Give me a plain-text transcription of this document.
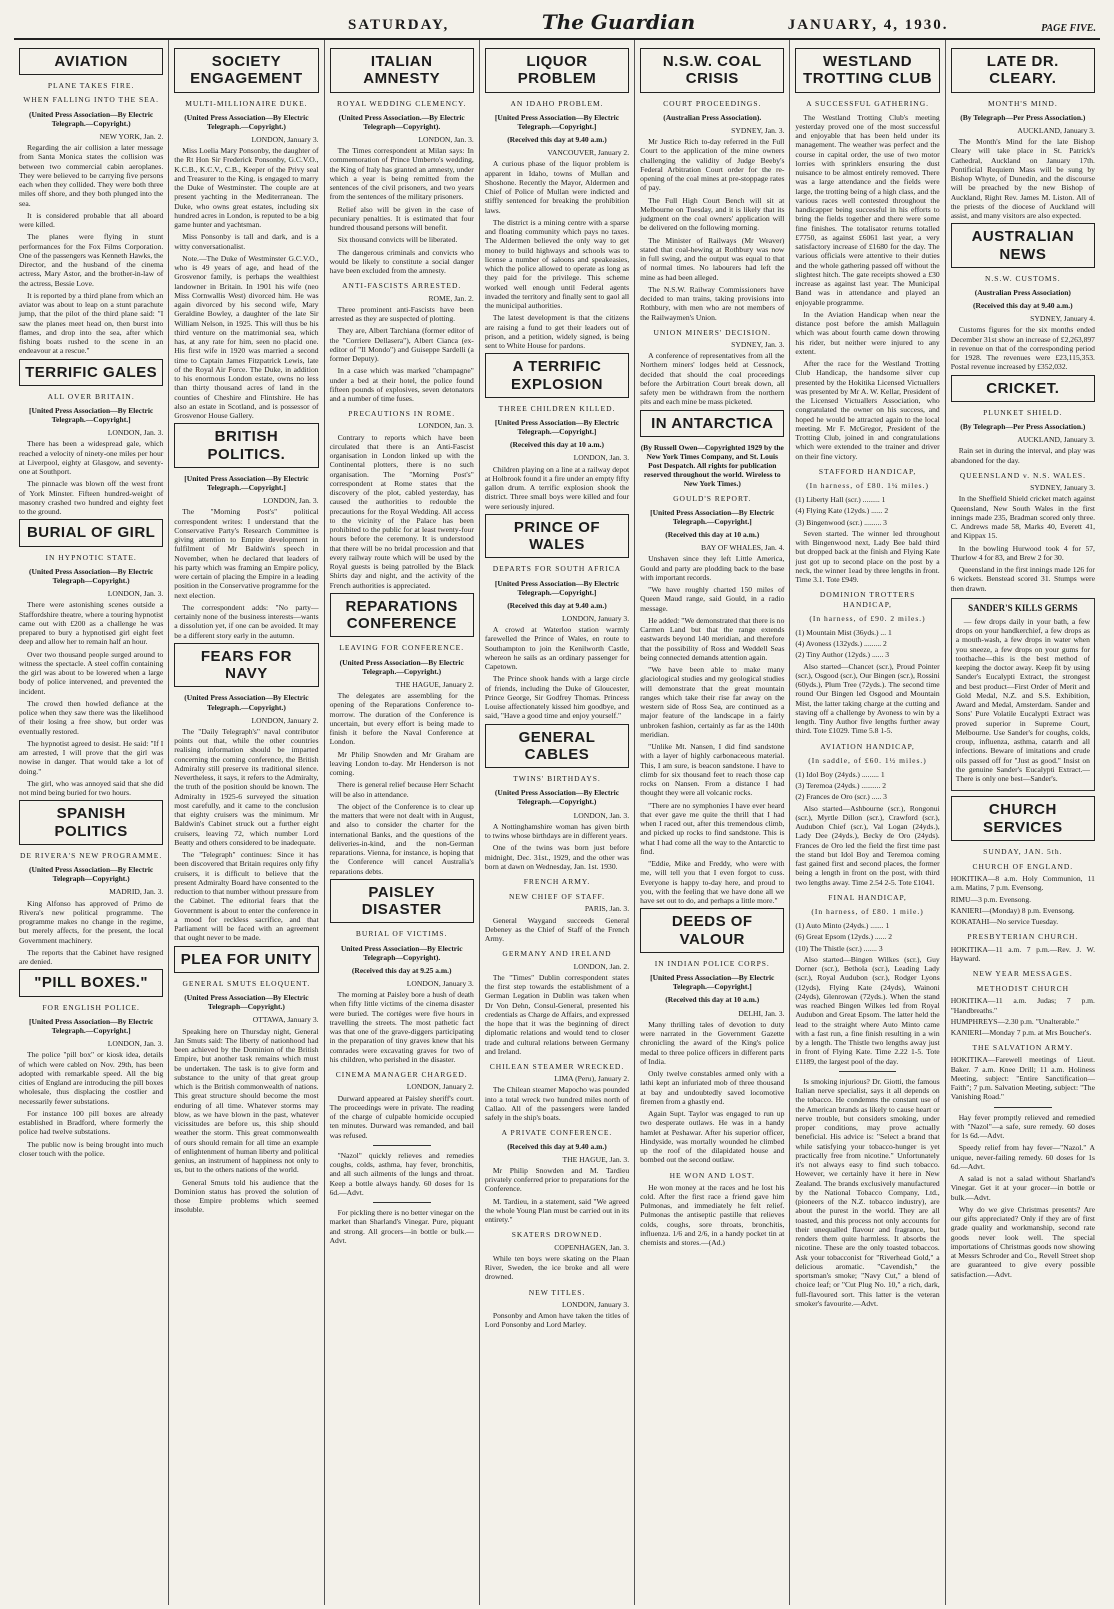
SATURDAY,	The Guardian	JANUARY, 4, 1930.	PAGE FIVE.
AVIATION
PLANE TAKES FIRE.
WHEN FALLING INTO THE SEA.
(United Press Association—By Electric Telegraph.—Copyright.)
NEW YORK, Jan. 2.

Regarding the air collision a later message from Santa Monica states the collision was between two commercial cabin aeroplanes. They were believed to be carrying five persons each when they collided. They were both three miles off shore, and they both plunged into the sea.

It is considered probable that all aboard were killed.

The planes were flying in stunt performances for the Fox Films Corporation. One of the passengers was Kenneth Hawks, the Director, and the husband of the cinema actress, Mary Astor, and the brother-in-law of the actress, Bessie Love.

It is reported by a third plane from which an aviator was about to leap on a stunt parachute jump, that the pilot of the third plane said: "I saw the planes meet head on, then burst into flames, and drop into the sea, after which fishing boats rushed to the scene in an endeavour at a rescue."

TERRIFIC GALES
ALL OVER BRITAIN.
[United Press Association—By Electric Telegraph.—Copyright.]
LONDON, Jan. 3.

There has been a widespread gale, which reached a velocity of ninety-one miles per hour at Liverpool, eighty at Glasgow, and seventy-one at Southport.

The pinnacle was blown off the west front of York Minster. Fifteen hundred-weight of masonry crashed two hundred and eighty feet to the ground.

BURIAL OF GIRL
IN HYPNOTIC STATE.
(United Press Association—By Electric Telegraph—Copyright.)
LONDON, Jan. 3.

There were astonishing scenes outside a Staffordshire theatre, where a touring hypnotist came out with £200 as a challenge he was prepared to bury a hypnotised girl eight feet deep and allow her to remain half an hour.

Over two thousand people surged around to witness the spectacle. A steel coffin containing the girl was about to be lowered when a large body of police intervened, and prevented the incident.

The crowd then howled defiance at the police when they saw there was the likelihood of their losing a free show, but order was eventually restored.

The hypnotist agreed to desist. He said: "If I am arrested, I will prove that the girl was nowise in danger. That would take a lot of doing."

The girl, who was annoyed said that she did not mind being buried for two hours.

SPANISH POLITICS
DE RIVERA'S NEW PROGRAMME.
(United Press Association—By Electric Telegraph—Copyright.)
MADRID, Jan. 3.

King Alfonso has approved of Primo de Rivera's new political programme. The programme makes no change in the regime, but merely affects, for the present, the local Government machinery.

The reports that the Cabinet have resigned are denied.

"PILL BOXES."
FOR ENGLISH POLICE.
[United Press Association—By Electric Telegraph.—Copyright.]
LONDON, Jan. 3.

The police "pill box" or kiosk idea, details of which were cabled on Nov. 29th, has been adopted with remarkable speed. All the big cities of England are introducing the pill boxes wholesale, thus displacing the costlier and necessarily fewer substations.

For instance 100 pill boxes are already established in Bradford, where formerly the police had twelve substations.

The public now is being brought into much closer touch with the police.

SOCIETY ENGAGEMENT
MULTI-MILLIONAIRE DUKE.
(United Press Association—By Electric Telegraph.—Copyright.)
LONDON, January 3.

Miss Loelia Mary Ponsonby, the daughter of the Rt Hon Sir Frederick Ponsonby, G.C.V.O., K.C.B., K.C.V., C.B., Keeper of the Privy seal and Treasurer to the King, is engaged to marry the Duke of Westminster. The couple are at present yachting in the Mediterranean. The Duke, who owns great estates, including six hundred acres in London, is reputed to be a big game hunter and yachtsman.

Miss Ponsonby is tall and dark, and is a witty conversationalist.

Note.—The Duke of Westminster G.C.V.O., who is 49 years of age, and head of the Grosvenor family, is perhaps the wealthiest landowner in Britain. In 1901 his wife (neo Miss Cornwallis West) divorced him. He was again divorced by his second wife, Mary Geraldine Bowley, a daughter of the late Sir William Nelson, in 1925. This will thus be his third venture on the matrimonial sea, which has, at any rate for him, seen no placid one. His first wife in 1920 was married a second time to Captain James Fitzpatrick Lewis, late of the Royal Air Force. The Duke, in addition to his enormous London estate, owns no less than thirty thousand acres of land in the counties of Cheshire and Flintshire. He has also an estate in Scotland, and is possessor of Grosvenor House Gallery.

BRITISH POLITICS.
[United Press Association—By Electric Telegraph.—Copyright.]
LONDON, Jan. 3.

The "Morning Post's" political correspondent writes: I understand that the Conservative Party's Research Committee is giving attention to Empire development in fulfilment of Mr Baldwin's speech in November, when he declared that leaders of his party which was framing an Empire policy, were certain of placing the Empire in a leading position in the Conservative programme for the next election.

The correspondent adds: "No party—certainly none of the business interests—wants a dissolution yet, if one can be avoided. It may be a different story early in the autumn.

FEARS FOR NAVY
(United Press Association—By Electric Telegraph.—Copyright.)
LONDON, January 2.

The "Daily Telegraph's" naval contributor points out that, while the other countries realising information should be imparted concerning the coming conference, the British Admiralty still preserve its traditional silence. Nevertheless, it says, it refers to the Admiralty, the truth of the position should be known. The Admiralty in 1925-6 surveyed the situation most carefully, and it came to the conclusion that eighty cruisers was the minimum. Mr Baldwin's Cabinet struck out a further eight cruisers, leaving 72, which number Lord Beatty and others considered to be inadequate.

The "Telegraph" continues: Since it has been discovered that Britain requires only fifty cruisers, it is difficult to believe that the present Admiralty Board have consented to the reduction to that number without pressure from the Cabinet. The editorial fears that the Government is about to enter the conference in a mood for reckless sacrifice, and that Parliament will be faced with an agreement that ought never to be made.

PLEA FOR UNITY
GENERAL SMUTS ELOQUENT.
(United Press Association—By Electric Telegraph—Copyright.)
OTTAWA, January 3.

Speaking here on Thursday night, General Jan Smuts said: The liberty of nationhood had been achieved by the Dominion of the British Empire, but another task remains which must be undertaken. The task is to give form and substance to the unity of that great group which is the British commonwealth of nations. This great structure should become the most enduring of all time. Whatever storms may blow, as we have blown in the past, whatever vicissitudes are before us, this ship should weather the storm. This great commonwealth of ours should remain for all time an example of enlightenment of human liberty and political genius, an instrument of happiness not only to us, but to the others nations of the world.

General Smuts told his audience that the Dominion status has proved the solution of those Empire problems which seemed insoluble.

ITALIAN AMNESTY
ROYAL WEDDING CLEMENCY.
(United Press Association.—By Electric Telegraph—Copyright).
LONDON, Jan. 3.

The Times correspondent at Milan says: In commemoration of Prince Umberto's wedding, the King of Italy has granted an amnesty, under which a year is being remitted from the sentences of the civil prisoners, and two years from the sentences of the military prisoners.

Relief also will be given in the case of pecuniary penalties. It is estimated that four hundred thousand persons will benefit.

Six thousand convicts will be liberated.

The dangerous criminals and convicts who would be likely to constitute a social danger have been excluded from the amnesty.

ANTI-FASCISTS ARRESTED.
ROME, Jan. 2.

Three prominent anti-Fascists have been arrested as they are suspected of plotting.

They are, Albert Tarchiana (former editor of the "Corriere Dellasera"), Albert Cianca (ex-editor of "Il Mondo") and Guiseppe Sardelli (a former Deputy).

In a case which was marked "champagne" under a bed at their hotel, the police found fifteen pounds of explosives, seven detonators and a number of time fuses.

PRECAUTIONS IN ROME.
LONDON, Jan. 3.

Contrary to reports which have been circulated that there is an Anti-Fascist organisation in London linked up with the Continental plotters, there is no such organisation. The "Morning Post's" correspondent at Rome states that the discovery of the plot, cabled yesterday, has caused the authorities to redouble the precautions for the Royal Wedding. All access to the vicinity of the Palace has been prohibited to the public for at least twenty-four hours before the ceremony. It is understood that there will be no bridal procession and that every railway route which will be used by the Royal guests is being patrolled by the Black Shirts day and night, and the activity of the French authorities is appreciated.

REPARATIONS CONFERENCE
LEAVING FOR CONFERENCE.
(United Press Association—By Electric Telegraph.—Copyright.)
THE HAGUE, January 2.

The delegates are assembling for the opening of the Reparations Conference to-morrow. The duration of the Conference is uncertain, but every effort is being made to finish it before the Naval Conference at London.

Mr Philip Snowden and Mr Graham are leaving London to-day. Mr Henderson is not coming.

There is general relief because Herr Schacht will be also in attendance.

The object of the Conference is to clear up the matters that were not dealt with in August, and also to consider the charter for the international Banks, and the questions of the deliveries-in-kind, and the non-German reparations. Vienna, for instance, is hoping that the Conference will cancel Australia's reparations debts.

PAISLEY DISASTER
BURIAL OF VICTIMS.
United Press Association—By Electric Telegraph—Copyright).
(Received this day at 9.25 a.m.)
LONDON, January 3.

The morning at Paisley bore a hush of death when fifty little victims of the cinema disaster were buried. The cortèges were five hours in travelling the streets. The most pathetic fact was that one of the grave-diggers participating in the preparation of tiny graves knew that his comrades were excavating graves for two of his children, who perished in the disaster.

CINEMA MANAGER CHARGED.
LONDON, January 2.

Durward appeared at Paisley sheriff's court. The proceedings were in private. The reading of the charge of culpable homicide occupied ten minutes. Durward was remanded, and bail was refused.

"Nazol" quickly relieves and remedies coughs, colds, asthma, hay fever, bronchitis, and all such ailments of the lungs and throat. Keep a bottle always handy. 60 doses for 1s 6d.—Advt.

For pickling there is no better vinegar on the market than Sharland's Vinegar. Pure, piquant and strong. All grocers—in bottle or bulk.—Advt.

LIQUOR PROBLEM
AN IDAHO PROBLEM.
[United Press Association—By Electric Telegraph.—Copyright.]
(Received this day at 9.40 a.m.)
VANCOUVER, January 2.

A curious phase of the liquor problem is apparent in Idaho, towns of Mullan and Shoshone. Recently the Mayor, Aldermen and Chief of Police of Mullan were indicted and stiffly sentenced for breaking the prohibition laws.

The district is a mining centre with a sparse and floating community which pays no taxes. The Aldermen believed the only way to get money to build highways and schools was to license a number of saloons and speakeasies, which the police allowed to operate as long as they paid for the privilege. This scheme worked well enough until Federal agents invaded the territory and finally sent to gaol all the municipal authorities.

The latest development is that the citizens are raising a fund to get their leaders out of prison, and a petition, widely signed, is being sent to White House for pardons.

A TERRIFIC EXPLOSION
THREE CHILDREN KILLED.
[United Press Association—By Electric Telegraph.—Copyright.]
(Received this day at 10 a.m.)
LONDON, Jan. 3.

Children playing on a line at a railway depot at Holbrook found it a fire under an empty fifty gallon drum. A terrific explosion shook the district. Three small boys were killed and four were seriously injured.

PRINCE OF WALES
DEPARTS FOR SOUTH AFRICA
[United Press Association—By Electric Telegraph.—Copyright.]
(Received this day at 9.40 a.m.)
LONDON, January 3.

A crowd at Waterloo station warmly farewelled the Prince of Wales, en route to Southampton to join the Kenilworth Castle, whereon he sails as an ordinary passenger for Capetown.

The Prince shook hands with a large circle of friends, including the Duke of Gloucester, Prince George, Sir Godfrey Thomas. Princess Louise affectionately kissed him goodbye, and said, "Have a good time and enjoy yourself."

GENERAL CABLES
TWINS' BIRTHDAYS.
(United Press Association—By Electric Telegraph.—Copyright.)
LONDON, Jan. 3.

A Nottinghamshire woman has given birth to twins whose birthdays are in different years.

One of the twins was born just before midnight, Dec. 31st., 1929, and the other was born at dawn on Wednesday, Jan. 1st. 1930.

FRENCH ARMY.
NEW CHIEF OF STAFF.
PARIS, Jan. 3.

General Waygand succeeds General Debeney as the Chief of Staff of the French Army.

GERMANY AND IRELAND
LONDON, Jan. 2.

The "Times" Dublin correspondent states the first step towards the establishment of a German Legation in Dublin was taken when Dr Von Dehn, Consul-General, presented his credentials as Charge de Affairs, and expressed the hope that it was the beginning of direct diplomatic relations and would tend to closer trade and cultural relations between Germany and Ireland.

CHILEAN STEAMER WRECKED.
LIMA (Peru), January 2.

The Chilean steamer Mapocho was pounded into a total wreck two hundred miles north of Callao. All of the passengers were landed safely in the ship's boats.

A PRIVATE CONFERENCE.
(Received this day at 9.40 a.m.)
THE HAGUE, Jan. 3.

Mr Philip Snowden and M. Tardieu privately conferred prior to preparations for the Conference.

M. Tardieu, in a statement, said "We agreed the whole Young Plan must be carried out in its entirety."

SKATERS DROWNED.
COPENHAGEN, Jan. 3.

While ten boys were skating on the Plaan River, Sweden, the ice broke and all were drowned.

NEW TITLES.
LONDON, January 3.

Ponsonby and Amon have taken the titles of Lord Ponsonby and Lord Marley.

N.S.W. COAL CRISIS
COURT PROCEEDINGS.
(Australian Press Association).
SYDNEY, Jan. 3.

Mr Justice Rich to-day referred in the Full Court to the application of the mine owners challenging the validity of Judge Beeby's Federal Arbitration Court order for the re-opening of the coal mines at pre-stoppage rates of pay.

The Full High Court Bench will sit at Melbourne on Tuesday, and it is likely that its judgment on the coal owners' application will be delivered on the following morning.

The Minister of Railways (Mr Weaver) stated that coal-hewing at Rothbury was now in full swing, and the output was equal to that of normal times. No labourers had left the mine as had been alleged.

The N.S.W. Railway Commissioners have decided to man trains, taking provisions into Rothbury, with men who are not members of the Railwaymen's Union.

UNION MINERS' DECISION.
SYDNEY, Jan. 3.

A conference of representatives from all the Northern miners' lodges held at Cessnock, decided that should the coal proceedings before the Arbitration Court break down, all safety men be withdrawn from the northern pits and each mine be mass picketed.

IN ANTARCTICA
(By Russell Owen—Copyrighted 1929 by the New York Times Company, and St. Louis Post Despatch. All rights for publication reserved throughout the world. Wireless to New York Times.)
GOULD'S REPORT.
[United Press Association—By Electric Telegraph.—Copyright.]
(Received this day at 10 a.m.)
BAY OF WHALES, Jan. 4.

Unshaven since they left Little America, Gould and party are plodding back to the base with important records.

"We have roughly charted 150 miles of Queen Maud range, said Gould, in a radio message.

He added: "We demonstrated that there is no Carmen Land but that the range extends eastwards beyond 140 meridian, and therefore that the possibility of Ross and Weddell Seas being connected demands attention again.

"We have been able to make many glaciological studies and my geological studies will demonstrate that the great mountain ranges which take their rise far away on the western side of Ross Sea, are continued as a major feature of the landscape in a fairly unbroken fashion, certainly as far as the 140th meridian.

"Unlike Mt. Nansen, I did find sandstone with a layer of highly carbonaceous material. This, I am sure, is beacon sandstone. I have to climb for six thousand feet to reach those cap rocks on Nansen. From a distance I had thought they were all volcanic rocks.

"There are no symphonies I have ever heard that ever gave me quite the thrill that I had when I raced out, after this tremendous climb, and picked up rocks to find sandstone. This is what I had come all the way to the Antarctic to find.

"Eddie, Mike and Freddy, who were with me, will tell you that I even forgot to cuss. Everyone is happy to-day here, and proud to you, with the feeling that we have done all we have set out to do, and perhaps a little more."

DEEDS OF VALOUR
IN INDIAN POLICE CORPS.
[United Press Association—By Electric Telegraph.—Copyright.]
(Received this day at 10 a.m.)
DELHI, Jan. 3.

Many thrilling tales of devotion to duty were narrated in the Government Gazette chronicling the award of the King's police medal to three police officers in different parts of India.

Only twelve constables armed only with a lathi kept an infuriated mob of three thousand at bay and undoubtedly saved locomotive firemen from a ghastly end.

Again Supt. Taylor was engaged to run up two desperate outlaws. He was in a handy hamlet at Peshawar. After his superior officer, Hindyside, was mortally wounded he climbed up the roof of the dilapidated house and bombed out the second outlaw.

HE WON AND LOST.

He won money at the races and he lost his cold. After the first race a friend gave him Pulmonas, and immediately he felt relief. Pulmonas the antiseptic pastille that relieves colds, coughs, sore throats, bronchitis, influenza. 1/6 and 2/6, in a handy pocket tin at chemists and stores.—(Ad.)

WESTLAND TROTTING CLUB
A SUCCESSFUL GATHERING.

The Westland Trotting Club's meeting yesterday proved one of the most successful and enjoyable that has been held under its management. The weather was perfect and the course in capital order, the use of two motor lorries with sprinklers ensuring the dust nuisance to be almost entirely removed. There was a large attendance and the fields were large, the trotting being of a high class, and the various races well contested throughout the handicapper being successful in his efforts to bring the fields together and there were some fine finishes. The totalisator returns totalled £7750, as against £6061 last year, a very satisfactory increase of £1680 for the day. The various officials were attentive to their duties and the whole gathering passed off without the slightest hitch. The gate receipts showed a £30 increase as against last year. The Municipal Band was in attendance and played an enjoyable programme.

In the Aviation Handicap when near the distance post before the amish Mallaguin which was about fourth came down throwing his rider, but neither were injured to any extent.

After the race for the Westland Trotting Club Handicap, the handsome silver cup presented by the Hokitika Licensed Victuallers was presented by Mr A. W. Kellar, President of the Licensed Victuallers Association, who congratulated the owner on his success, and hoped he would be attracted again to the local meeting. Mr F. McGregor, President of the Trotting Club, joined in and congratulations which were extended to the trainer and driver on their fine victory.

STAFFORD HANDICAP,
(In harness, of £80. 1¼ miles.)

(1) Liberty Hall (scr.) ......... 1

(4) Flying Kate (12yds.) ...... 2

(3) Bingenwood (scr.) ......... 3

Seven started. The winner led throughout with Bingenwood next, Lady Bee bald third but dropped back at the finish and Flying Kate just got up to second place on the post by a neck, the winner 1ead by three lengths in front. Time 3.1. Tote £949.

DOMINION TROTTERS HANDICAP,
(In harness, of £90. 2 miles.)

(1) Mountain Mist (36yds.) ... 1

(4) Avoness (132yds.) ......... 2

(2) Tiny Author (12yds.) ...... 3

Also started—Chancet (scr.), Proud Pointer (scr.), Osgood (scr.), Our Bingen (scr.), Rossini (60yds.), Plum Tree (72yds.). The second time round Our Bingen led Osgood and Mountain Mist, the latter taking charge at the cutting and staving off a challenge by Avoness to win by a length. Tiny Author five lengths further away third. Tote £1029. Time 5.8 1-5.

AVIATION HANDICAP,
(In saddle, of £60. 1½ miles.)

(1) Idol Boy (24yds.) ......... 1

(3) Teremoa (24yds.) .......... 2

(2) Frances de Oro (scr.) ..... 3

Also started—Ashbourne (scr.), Rongonui (scr.), Myrtle Dillon (scr.), Crawford (scr.), Audubon Chief (scr.), Val Logan (24yds.), Lady Dee (24yds.), Becky de Oro (24yds). Frances de Oro led the field the first time past the stand but Idol Boy and Teremoa coming fast gained first and second places, the former being a length in front on the post, with third two lengths away. Time 2.54 2-5. Tote £1041.

FINAL HANDICAP,
(In harness, of £80. 1 mile.)

(1) Auto Minto (24yds.) ....... 1

(6) Great Epsom (12yds.) ...... 2

(10) The Thistle (scr.) ....... 3

Also started—Bingen Wilkes (scr.), Guy Dorner (scr.), Bethola (scr.), Leading Lady (scr.), Royal Audubon (scr.), Rodger Lyons (12yds), Flying Kate (24yds), Wainoni (24yds), Glenrowan (72yds.). When the stand was reached Bingen Wilkes led from Royal Audubon and Great Epsom. The latter held the lead to the straight where Auto Minto came with a fast run, a fine finish resulting in a win by a length. The Thistle two lengths away just in front of Flying Kate. Time 2.22 1-5. Tote £1189, the largest pool of the day.

Is smoking injurious? Dr. Giotti, the famous Italian nerve specialist, says it all depends on the tobacco. He condemns the constant use of the American brands as likely to cause heart or nerve trouble, but considers smoking, under proper conditions, may prove actually beneficial. His advice is: "Select a brand that while satisfying your tobacco-hunger is yet practically free from nicotine." Unfortunately it's not always easy to find such tobacco. However, we certainly have it here in New Zealand. The brands exclusively manufactured by the National Tobacco Company, Ltd., (pioneers of the N.Z. tobacco industry), are about the purest in the world. They are all toasted, and this process not only accounts for their unequalled flavour and fragrance, but renders them quite harmless. It absorbs the nicotine. These are the only toasted tobaccos. Ask your tobacconist for "Riverhead Gold," a delicious aromatic. "Cavendish," the sportsman's smoke; "Navy Cut," a blend of choice leaf; or "Cut Plug No. 10," a rich, dark, full-flavoured sort. This latter is the veteran smoker's favourite.—Advt.

LATE DR. CLEARY.
MONTH'S MIND.
(By Telegraph—Per Press Association.)
AUCKLAND, January 3.

The Month's Mind for the late Bishop Cleary will take place in St. Patrick's Cathedral, Auckland on January 17th. Pontificial Requiem Mass will be sung by Bishop Whyte, of Dunedin, and the discourse will be preached by the new Bishop of Auckland, Right Rev. James M. Liston. All of the priests of the diocese of Auckland will assist, and many visitors are also expected.

AUSTRALIAN NEWS
N.S.W. CUSTOMS.
(Australian Press Association)
(Received this day at 9.40 a.m.)
SYDNEY, January 4.

Customs figures for the six months ended December 31st show an increase of £2,263,897 in revenue on that of the corresponding period for 1928. The revenues were £23,115,353. Postal revenue increased by £352,032.

CRICKET.
PLUNKET SHIELD.
(By Telegraph—Per Press Association.)
AUCKLAND, January 3.

Rain set in during the interval, and play was abandoned for the day.

QUEENSLAND v. N.S. WALES.
SYDNEY, January 3.

In the Sheffield Shield cricket match against Queensland, New South Wales in the first innings made 235, Bradman scored only three. C. Andrews made 58, Marks 40, Everett 41, and Kippax 15.

In the bowling Hurwood took 4 for 57, Thurlow 4 for 83, and Brew 2 for 30.

Queensland in the first innings made 126 for 6 wickets. Benstead scored 31. Stumps were then drawn.

SANDER'S KILLS GERMS

— few drops daily in your bath, a few drops on your handkerchief, a few drops as a mouth-wash, a few drops in water when you sneeze, a few drops on your gums for toothache—this is the best method of keeping the doctor away. Keep fit by using Sander's Eucalypti Extract, the strongest and best product—First Order of Merit and Gold Medal, N.Z. and S.S. Exhibition, Award and Medal, Amsterdam. Sander and Sons' Pure Volatile Eucalypti Extract was proved superior in Supreme Court, Melbourne. Use Sander's for coughs, colds, croup, influenza, asthma, catarrh and all infections. Beware of imitations and crude oils passed off for "Just as good." Insist on the genuine Sander's Eucalypti Extract.—There is only one best—Sander's.

CHURCH SERVICES
SUNDAY, JAN. 5th.
CHURCH OF ENGLAND.

HOKITIKA—8 a.m. Holy Communion, 11 a.m. Matins, 7 p.m. Evensong.

RIMU—3 p.m. Evensong.

KANIERI—(Monday) 8 p.m. Evensong.

KOKATAHI—No service Tuesday.

PRESBYTERIAN CHURCH.

HOKITIKA—11 a.m. 7 p.m.—Rev. J. W. Hayward.

NEW YEAR MESSAGES.
METHODIST CHURCH

HOKITIKA—11 a.m. Judas; 7 p.m. "Handbreaths."

HUMPHREYS—2.30 p.m. "Unalterable."

KANIERI—Monday 7 p.m. at Mrs Boucher's.

THE SALVATION ARMY.

HOKITIKA—Farewell meetings of Lieut. Baker. 7 a.m. Knee Drill; 11 a.m. Holiness Meeting, subject: "Entire Sanctification—Faith"; 7 p.m. Salvation Meeting, subject: "The Vanishing Road."

Hay fever promptly relieved and remedied with "Nazol"—a safe, sure remedy. 60 doses for 1s 6d.—Advt.

Speedy relief from hay fever—"Nazol." A unique, never-failing remedy. 60 doses for 1s 6d.—Advt.

A salad is not a salad without Sharland's Vinegar. Get it at your grocer—in bottle or bulk.—Advt.

Why do we give Christmas presents? Are our gifts appreciated? Only if they are of first grade quality and workmanship, second rate goods never look well. The special importations of Christmas goods now showing at Messrs Schroder and Co., Revell Street shop are guaranteed to give every possible satisfaction.—Advt.
